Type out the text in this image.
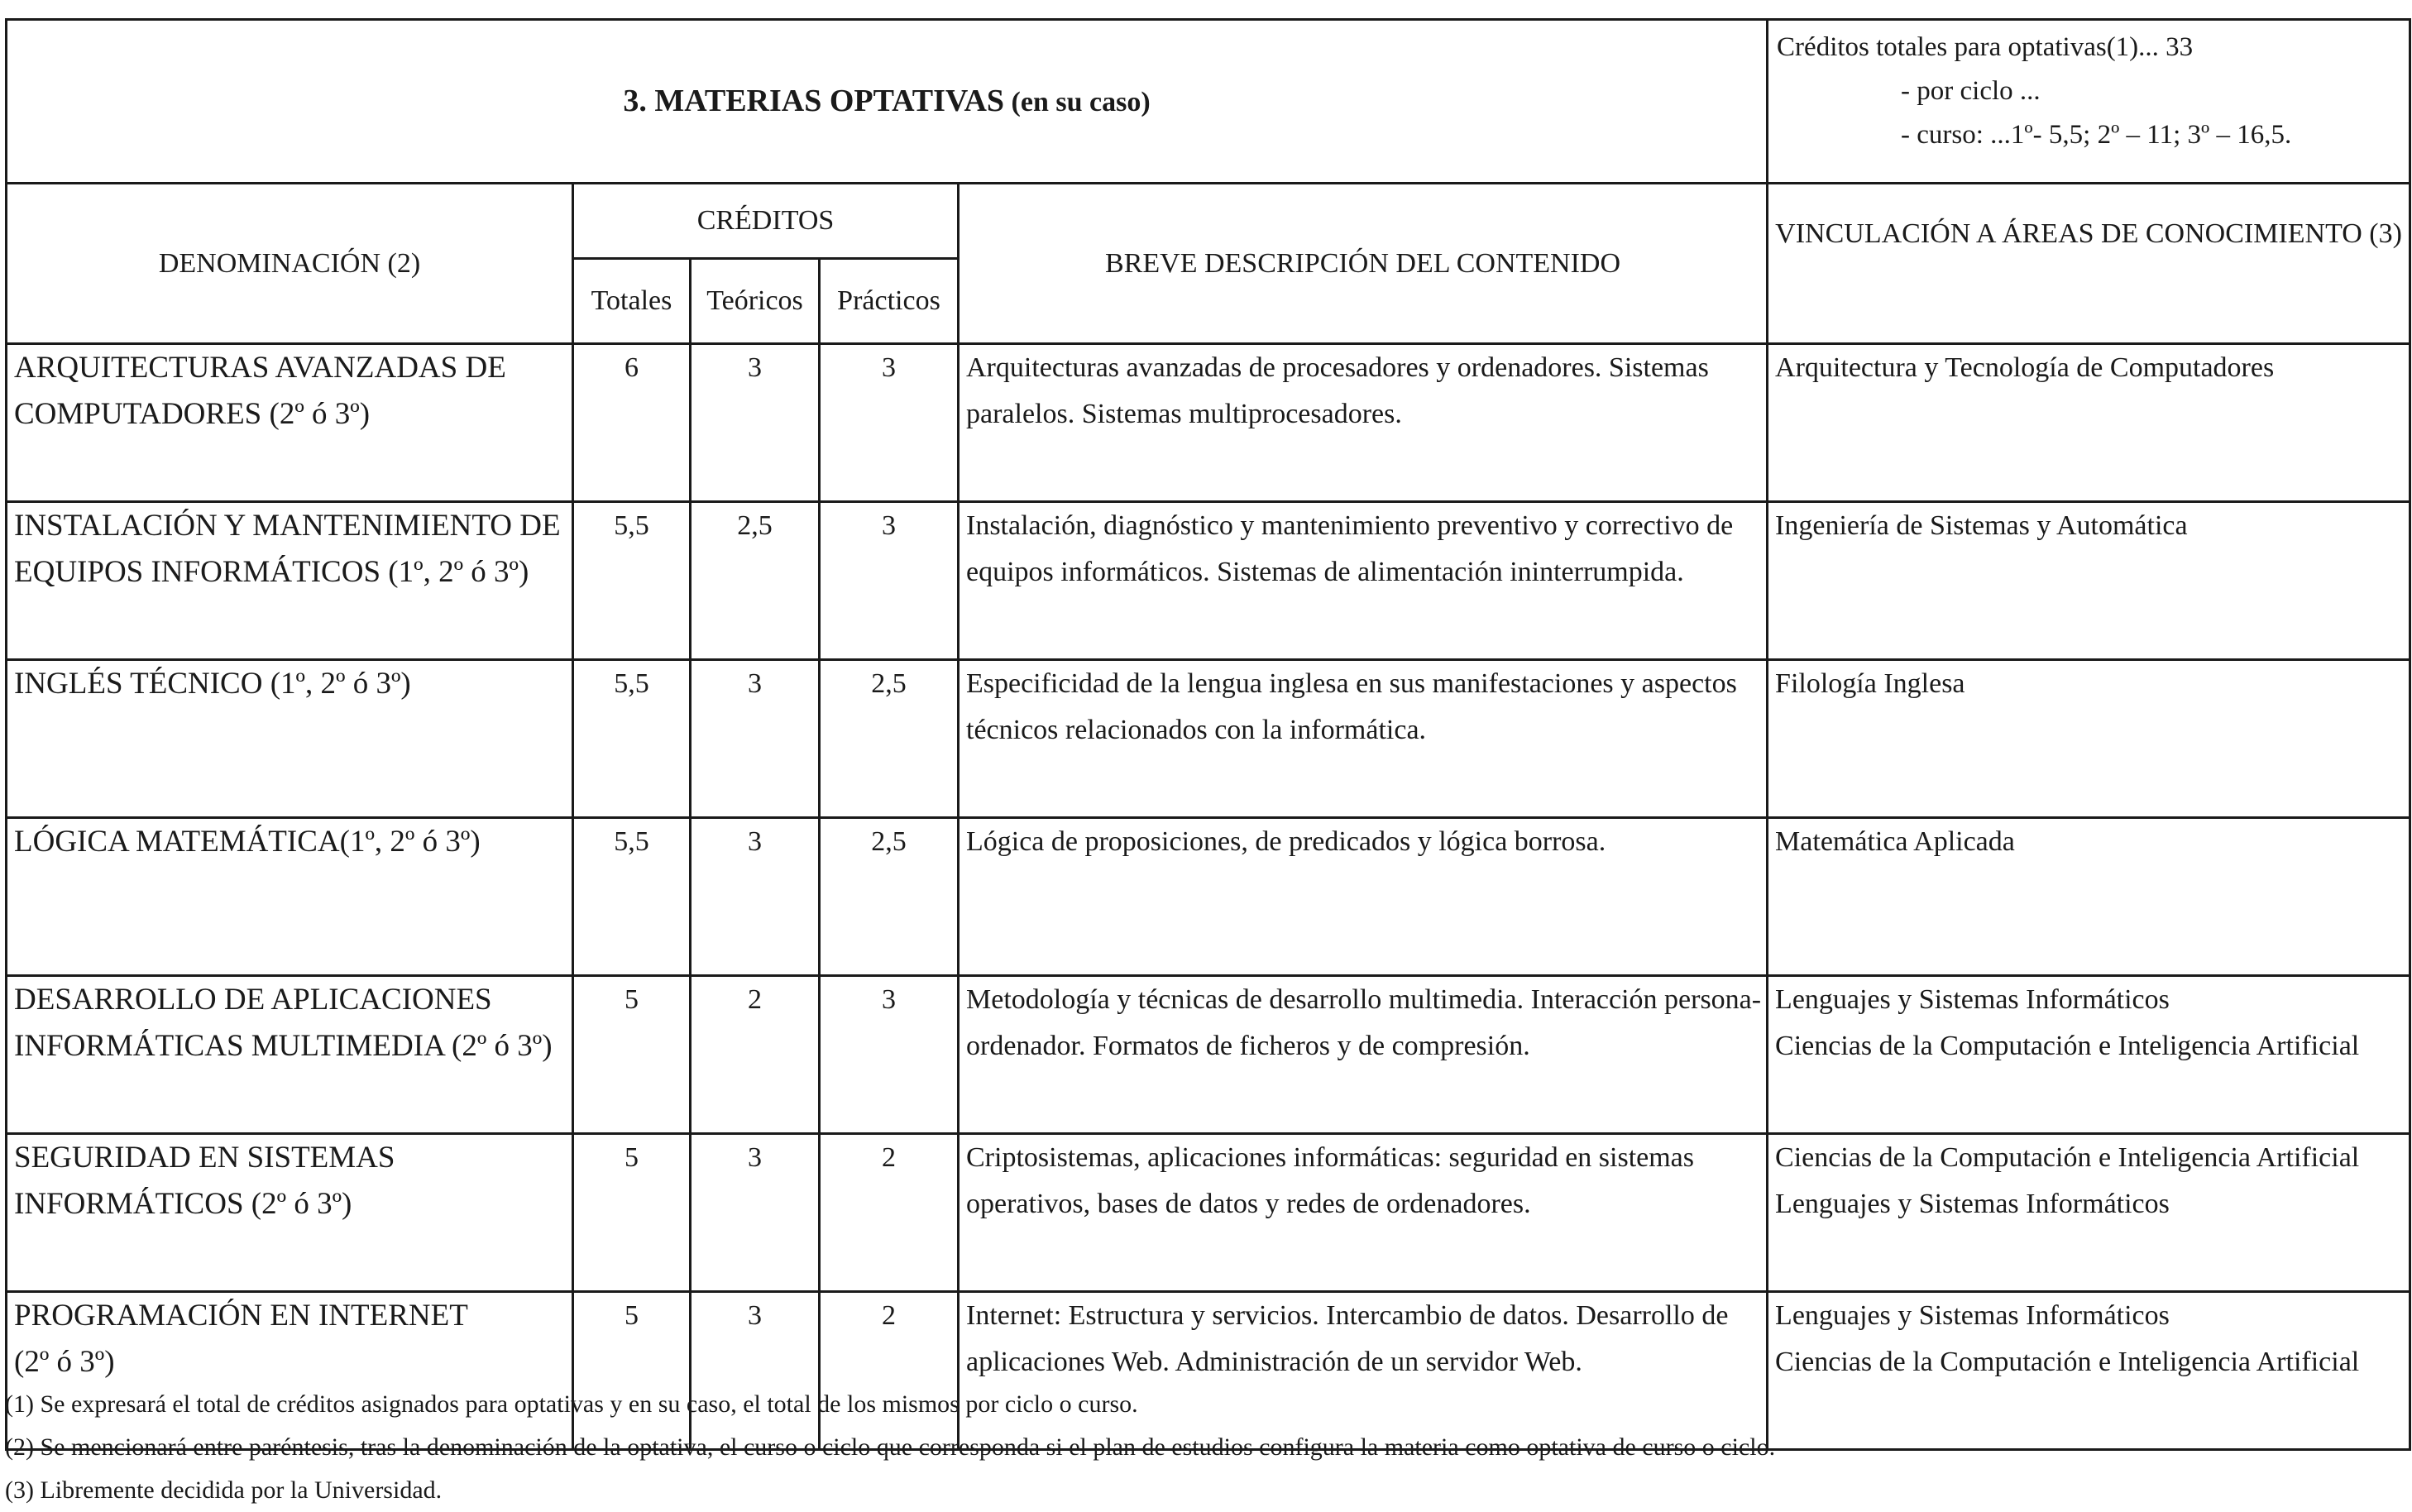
3. MATERIAS OPTATIVAS (en su caso)					Créditos totales para optativas(1)... 33
- por ciclo ...
- curso: ...1º- 5,5; 2º – 11; 3º – 16,5.

DENOMINACIÓN (2)	CRÉDITOS			BREVE DESCRIPCIÓN DEL CONTENIDO	VINCULACIÓN A ÁREAS DE CONOCIMIENTO (3)
	Totales	Teóricos	Prácticos		
ARQUITECTURAS AVANZADAS DE
COMPUTADORES (2º ó 3º)	6	3	3	Arquitecturas avanzadas de procesadores y ordenadores. Sistemas paralelos. Sistemas multiprocesadores.	Arquitectura y Tecnología de Computadores
INSTALACIÓN Y MANTENIMIENTO DE
EQUIPOS INFORMÁTICOS (1º, 2º ó 3º)	5,5	2,5	3	Instalación, diagnóstico y mantenimiento preventivo y correctivo de equipos informáticos. Sistemas de alimentación ininterrumpida.	Ingeniería de Sistemas y Automática
INGLÉS TÉCNICO (1º, 2º ó 3º)	5,5	3	2,5	Especificidad de la lengua inglesa en sus manifestaciones y aspectos técnicos relacionados con la informática.	Filología Inglesa
LÓGICA MATEMÁTICA(1º, 2º ó 3º)	5,5	3	2,5	Lógica de proposiciones, de predicados y lógica borrosa.	Matemática Aplicada
DESARROLLO DE APLICACIONES
INFORMÁTICAS MULTIMEDIA (2º ó 3º)	5	2	3	Metodología y técnicas de desarrollo multimedia. Interacción persona-ordenador. Formatos de ficheros y de compresión.	Lenguajes y Sistemas Informáticos
Ciencias de la Computación e Inteligencia Artificial
SEGURIDAD EN SISTEMAS
INFORMÁTICOS (2º ó 3º)	5	3	2	Criptosistemas, aplicaciones informáticas: seguridad en sistemas operativos, bases de datos y redes de ordenadores.	Ciencias de la Computación e Inteligencia Artificial
Lenguajes y Sistemas Informáticos
PROGRAMACIÓN EN INTERNET
(2º ó 3º)	5	3	2	Internet: Estructura y servicios. Intercambio de datos. Desarrollo de aplicaciones Web. Administración de un servidor Web.	Lenguajes y Sistemas Informáticos
Ciencias de la Computación e Inteligencia Artificial
(1) Se expresará el total de créditos asignados para optativas y en su caso, el total de los mismos por ciclo o curso.
(2) Se mencionará entre paréntesis, tras la denominación de la optativa, el curso o ciclo que corresponda si el plan de estudios configura la materia como optativa de curso o ciclo.
(3) Libremente decidida por la Universidad.
